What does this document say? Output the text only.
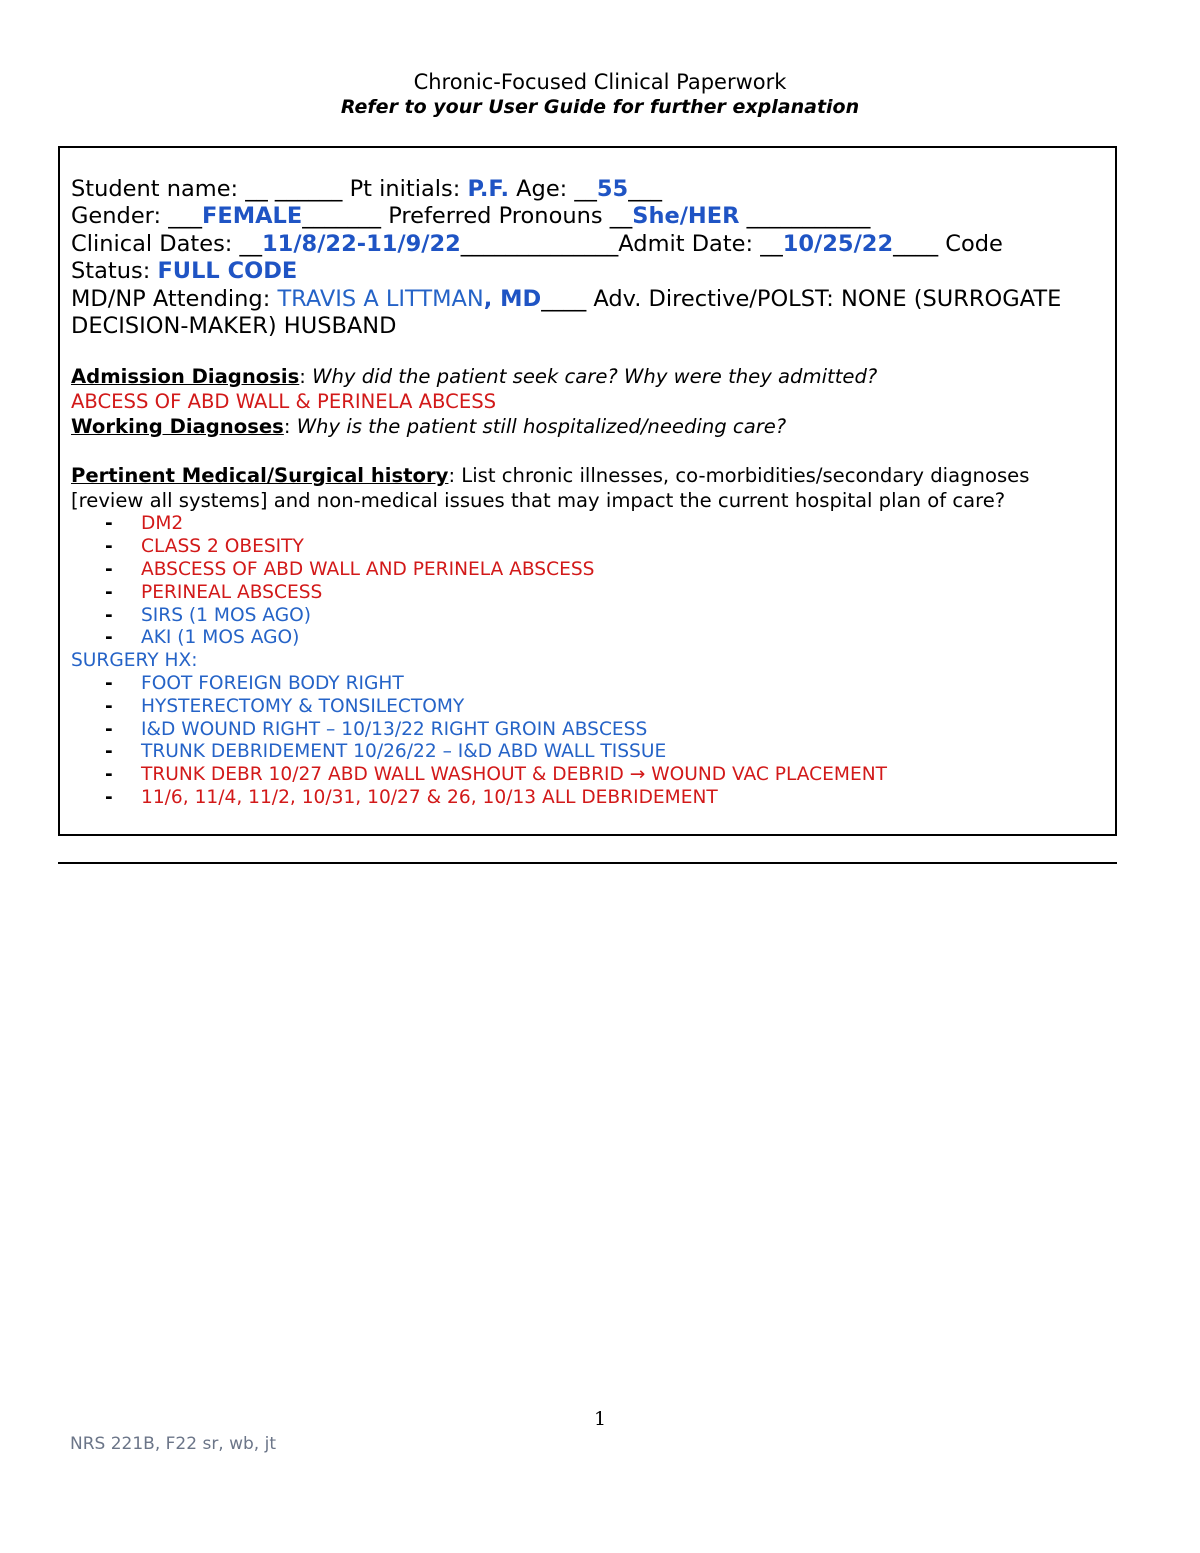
Chronic-Focused Clinical Paperwork
Refer to your User Guide for further explanation
Student name: __ ______ Pt initials: P.F. Age: __55___
Gender: ___FEMALE_______ Preferred Pronouns __She/HER ___________
Clinical Dates: __11/8/22-11/9/22______________Admit Date: __10/25/22____ Code
Status: FULL CODE
MD/NP Attending: TRAVIS A LITTMAN, MD____ Adv. Directive/POLST: NONE (SURROGATE DECISION-MAKER) HUSBAND
Admission Diagnosis: Why did the patient seek care? Why were they admitted?
ABCESS OF ABD WALL & PERINELA ABCESS
Working Diagnoses: Why is the patient still hospitalized/needing care?
Pertinent Medical/Surgical history: List chronic illnesses, co-morbidities/secondary diagnoses [review all systems] and non-medical issues that may impact the current hospital plan of care?
- DM2
- CLASS 2 OBESITY
- ABSCESS OF ABD WALL AND PERINELA ABSCESS
- PERINEAL ABSCESS
- SIRS (1 MOS AGO)
- AKI (1 MOS AGO)
SURGERY HX:
- FOOT FOREIGN BODY RIGHT
- HYSTERECTOMY & TONSILECTOMY
- I&D WOUND RIGHT – 10/13/22 RIGHT GROIN ABSCESS
- TRUNK DEBRIDEMENT 10/26/22 – I&D ABD WALL TISSUE
- TRUNK DEBR 10/27 ABD WALL WASHOUT & DEBRID → WOUND VAC PLACEMENT
- 11/6, 11/4, 11/2, 10/31, 10/27 & 26, 10/13 ALL DEBRIDEMENT
1
NRS 221B, F22 sr, wb, jt
